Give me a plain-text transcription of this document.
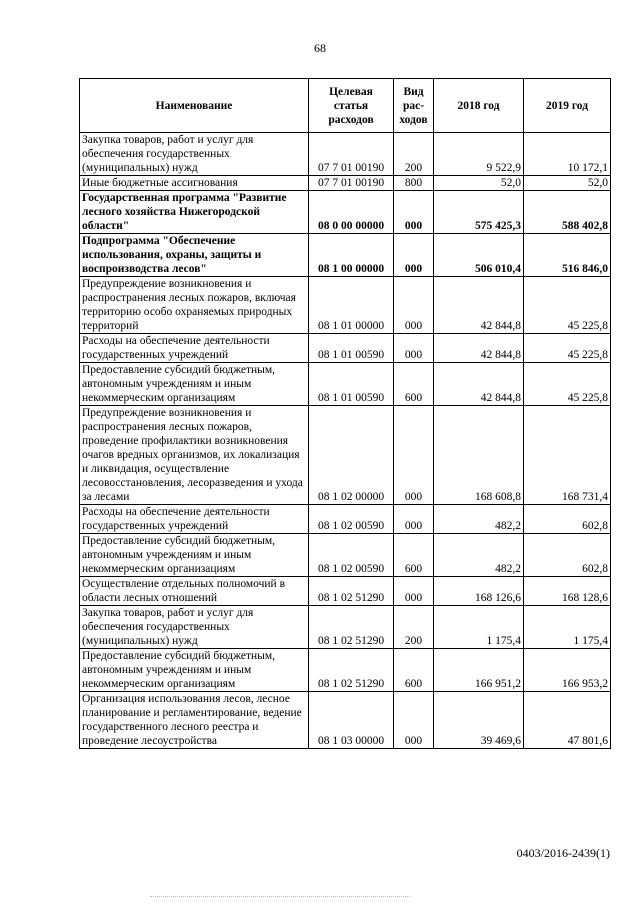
68
Наименование	Целевая статья расходов	Вид рас-ходов	2018 год	2019 год
Закупка товаров, работ и услуг для обеспечения государственных (муниципальных) нужд	07 7 01 00190	200	9 522,9	10 172,1
Иные бюджетные ассигнования	07 7 01 00190	800	52,0	52,0
Государственная программа "Развитие лесного хозяйства Нижегородской области"	08 0 00 00000	000	575 425,3	588 402,8
Подпрограмма "Обеспечение использования, охраны, защиты и воспроизводства лесов"	08 1 00 00000	000	506 010,4	516 846,0
Предупреждение возникновения и распространения лесных пожаров, включая территорию особо охраняемых природных территорий	08 1 01 00000	000	42 844,8	45 225,8
Расходы на обеспечение деятельности государственных учреждений	08 1 01 00590	000	42 844,8	45 225,8
Предоставление субсидий бюджетным, автономным учреждениям и иным некоммерческим организациям	08 1 01 00590	600	42 844,8	45 225,8
Предупреждение возникновения и распространения лесных пожаров, проведение профилактики возникновения очагов вредных организмов, их локализация и ликвидация, осуществление лесовосстановления, лесоразведения и ухода за лесами	08 1 02 00000	000	168 608,8	168 731,4
Расходы на обеспечение деятельности государственных учреждений	08 1 02 00590	000	482,2	602,8
Предоставление субсидий бюджетным, автономным учреждениям и иным некоммерческим организациям	08 1 02 00590	600	482,2	602,8
Осуществление отдельных полномочий в области лесных отношений	08 1 02 51290	000	168 126,6	168 128,6
Закупка товаров, работ и услуг для обеспечения государственных (муниципальных) нужд	08 1 02 51290	200	1 175,4	1 175,4
Предоставление субсидий бюджетным, автономным учреждениям и иным некоммерческим организациям	08 1 02 51290	600	166 951,2	166 953,2
Организация использования лесов, лесное планирование и регламентирование, ведение государственного лесного реестра и проведение лесоустройства	08 1 03 00000	000	39 469,6	47 801,6
0403/2016-2439(1)
